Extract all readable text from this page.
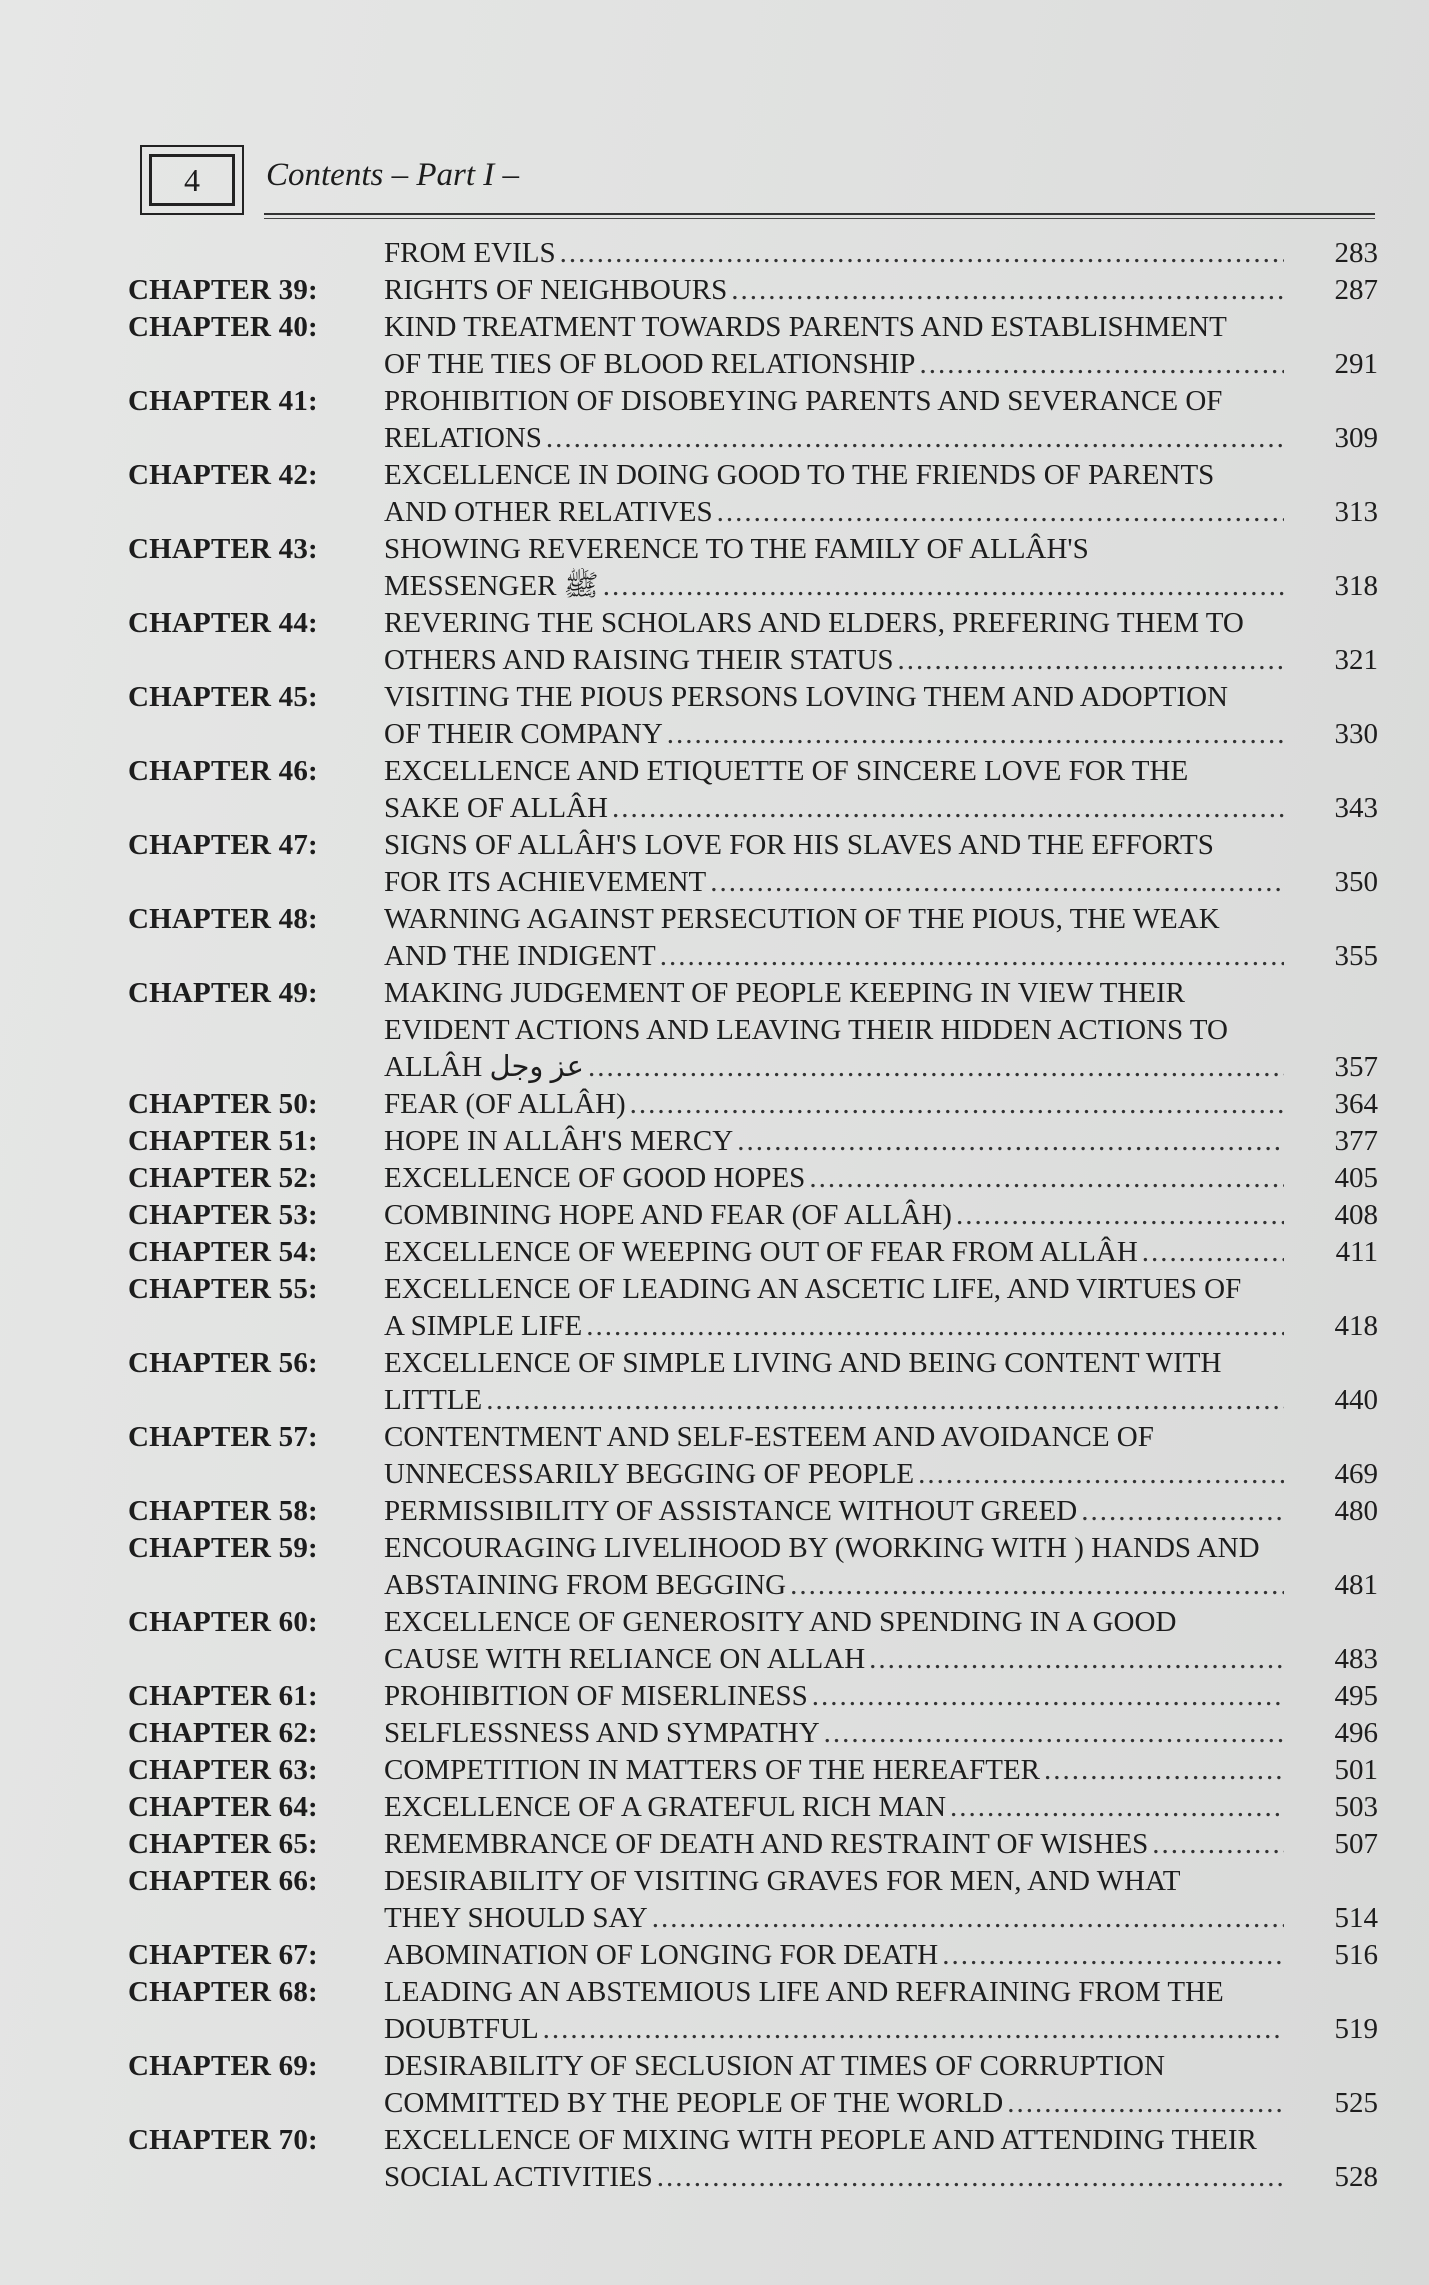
4	Contents – Part I –
FROM EVILS .....	283
CHAPTER 39: RIGHTS OF NEIGHBOURS .....	287
CHAPTER 40: KIND TREATMENT TOWARDS PARENTS AND ESTABLISHMENT
OF THE TIES OF BLOOD RELATIONSHIP .....	291
CHAPTER 41: PROHIBITION OF DISOBEYING PARENTS AND SEVERANCE OF
RELATIONS .....	309
CHAPTER 42: EXCELLENCE IN DOING GOOD TO THE FRIENDS OF PARENTS
AND OTHER RELATIVES .....	313
CHAPTER 43: SHOWING REVERENCE TO THE FAMILY OF ALLÂH'S
MESSENGER ﷺ .....	318
CHAPTER 44: REVERING THE SCHOLARS AND ELDERS, PREFERING THEM TO
OTHERS AND RAISING THEIR STATUS .....	321
CHAPTER 45: VISITING THE PIOUS PERSONS LOVING THEM AND ADOPTION
OF THEIR COMPANY .....	330
CHAPTER 46: EXCELLENCE AND ETIQUETTE OF SINCERE LOVE FOR THE
SAKE OF ALLÂH .....	343
CHAPTER 47: SIGNS OF ALLÂH'S LOVE FOR HIS SLAVES AND THE EFFORTS
FOR ITS ACHIEVEMENT .....	350
CHAPTER 48: WARNING AGAINST PERSECUTION OF THE PIOUS, THE WEAK
AND THE INDIGENT .....	355
CHAPTER 49: MAKING JUDGEMENT OF PEOPLE KEEPING IN VIEW THEIR
EVIDENT ACTIONS AND LEAVING THEIR HIDDEN ACTIONS TO
ALLÂH عز وجل .....	357
CHAPTER 50: FEAR (OF ALLÂH) .....	364
CHAPTER 51: HOPE IN ALLÂH'S MERCY .....	377
CHAPTER 52: EXCELLENCE OF GOOD HOPES .....	405
CHAPTER 53: COMBINING HOPE AND FEAR (OF ALLÂH) .....	408
CHAPTER 54: EXCELLENCE OF WEEPING OUT OF FEAR FROM ALLÂH .....	411
CHAPTER 55: EXCELLENCE OF LEADING AN ASCETIC LIFE, AND VIRTUES OF
A SIMPLE LIFE .....	418
CHAPTER 56: EXCELLENCE OF SIMPLE LIVING AND BEING CONTENT WITH
LITTLE .....	440
CHAPTER 57: CONTENTMENT AND SELF-ESTEEM AND AVOIDANCE OF
UNNECESSARILY BEGGING OF PEOPLE .....	469
CHAPTER 58: PERMISSIBILITY OF ASSISTANCE WITHOUT GREED .....	480
CHAPTER 59: ENCOURAGING LIVELIHOOD BY (WORKING WITH ) HANDS AND
ABSTAINING FROM BEGGING .....	481
CHAPTER 60: EXCELLENCE OF GENEROSITY AND SPENDING IN A GOOD
CAUSE WITH RELIANCE ON ALLAH .....	483
CHAPTER 61: PROHIBITION OF MISERLINESS .....	495
CHAPTER 62: SELFLESSNESS AND SYMPATHY .....	496
CHAPTER 63: COMPETITION IN MATTERS OF THE HEREAFTER .....	501
CHAPTER 64: EXCELLENCE OF A GRATEFUL RICH MAN .....	503
CHAPTER 65: REMEMBRANCE OF DEATH AND RESTRAINT OF WISHES .....	507
CHAPTER 66: DESIRABILITY OF VISITING GRAVES FOR MEN, AND WHAT
THEY SHOULD SAY .....	514
CHAPTER 67: ABOMINATION OF LONGING FOR DEATH .....	516
CHAPTER 68: LEADING AN ABSTEMIOUS LIFE AND REFRAINING FROM THE
DOUBTFUL .....	519
CHAPTER 69: DESIRABILITY OF SECLUSION AT TIMES OF CORRUPTION
COMMITTED BY THE PEOPLE OF THE WORLD .....	525
CHAPTER 70: EXCELLENCE OF MIXING WITH PEOPLE AND ATTENDING THEIR
SOCIAL ACTIVITIES .....	528
